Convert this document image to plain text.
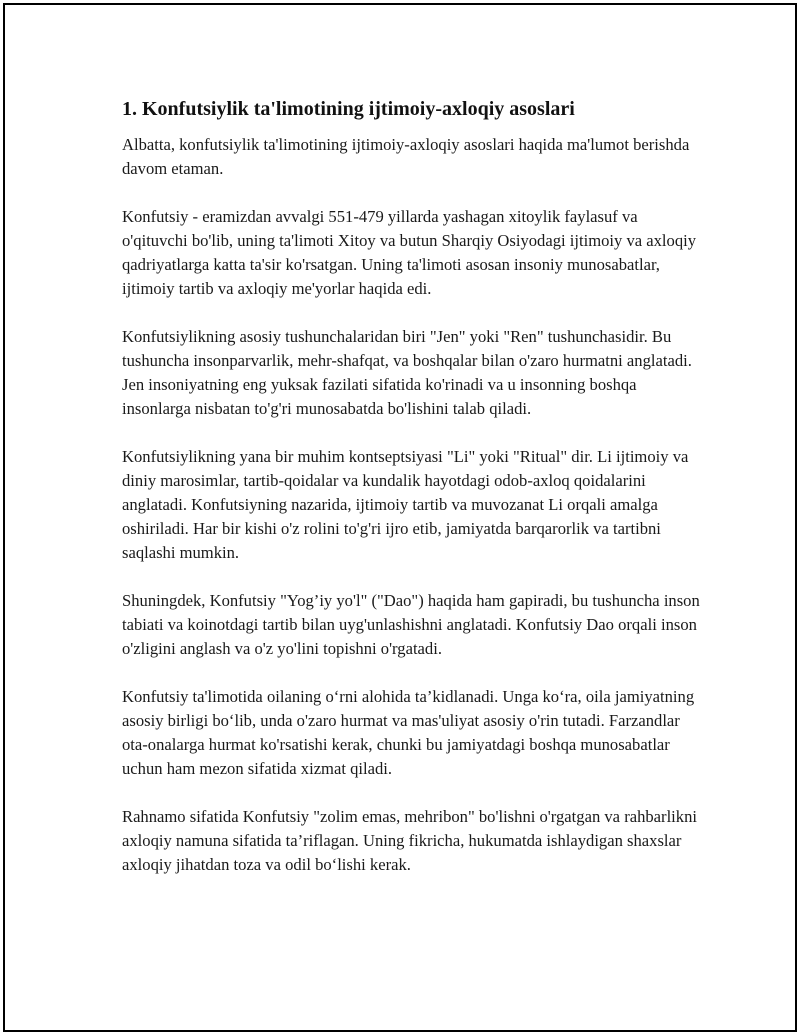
1. Konfutsiylik ta'limotining ijtimoiy-axloqiy asoslari

Albatta, konfutsiylik ta'limotining ijtimoiy-axloqiy asoslari haqida ma'lumot berishda davom etaman.

Konfutsiy - eramizdan avvalgi 551-479 yillarda yashagan xitoylik faylasuf va o'qituvchi bo'lib, uning ta'limoti Xitoy va butun Sharqiy Osiyodagi ijtimoiy va axloqiy qadriyatlarga katta ta'sir ko'rsatgan. Uning ta'limoti asosan insoniy munosabatlar, ijtimoiy tartib va axloqiy me'yorlar haqida edi.

Konfutsiylikning asosiy tushunchalaridan biri "Jen" yoki "Ren" tushunchasidir. Bu tushuncha insonparvarlik, mehr-shafqat, va boshqalar bilan o'zaro hurmatni anglatadi. Jen insoniyatning eng yuksak fazilati sifatida ko'rinadi va u insonning boshqa insonlarga nisbatan to'g'ri munosabatda bo'lishini talab qiladi.

Konfutsiylikning yana bir muhim kontseptsiyasi "Li" yoki "Ritual" dir. Li ijtimoiy va diniy marosimlar, tartib-qoidalar va kundalik hayotdagi odob-axloq qoidalarini anglatadi. Konfutsiyning nazarida, ijtimoiy tartib va muvozanat Li orqali amalga oshiriladi. Har bir kishi o'z rolini to'g'ri ijro etib, jamiyatda barqarorlik va tartibni saqlashi mumkin.

Shuningdek, Konfutsiy "Yog’iy yo'l" ("Dao") haqida ham gapiradi, bu tushuncha inson tabiati va koinotdagi tartib bilan uyg'unlashishni anglatadi. Konfutsiy Dao orqali inson o'zligini anglash va o'z yo'lini topishni o'rgatadi.

Konfutsiy ta'limotida oilaning o‘rni alohida ta’kidlanadi. Unga ko‘ra, oila jamiyatning asosiy birligi bo‘lib, unda o'zaro hurmat va mas'uliyat asosiy o'rin tutadi. Farzandlar ota-onalarga hurmat ko'rsatishi kerak, chunki bu jamiyatdagi boshqa munosabatlar uchun ham mezon sifatida xizmat qiladi.

Rahnamo sifatida Konfutsiy "zolim emas, mehribon" bo'lishni o'rgatgan va rahbarlikni axloqiy namuna sifatida ta’riflagan. Uning fikricha, hukumatda ishlaydigan shaxslar axloqiy jihatdan toza va odil bo‘lishi kerak.
